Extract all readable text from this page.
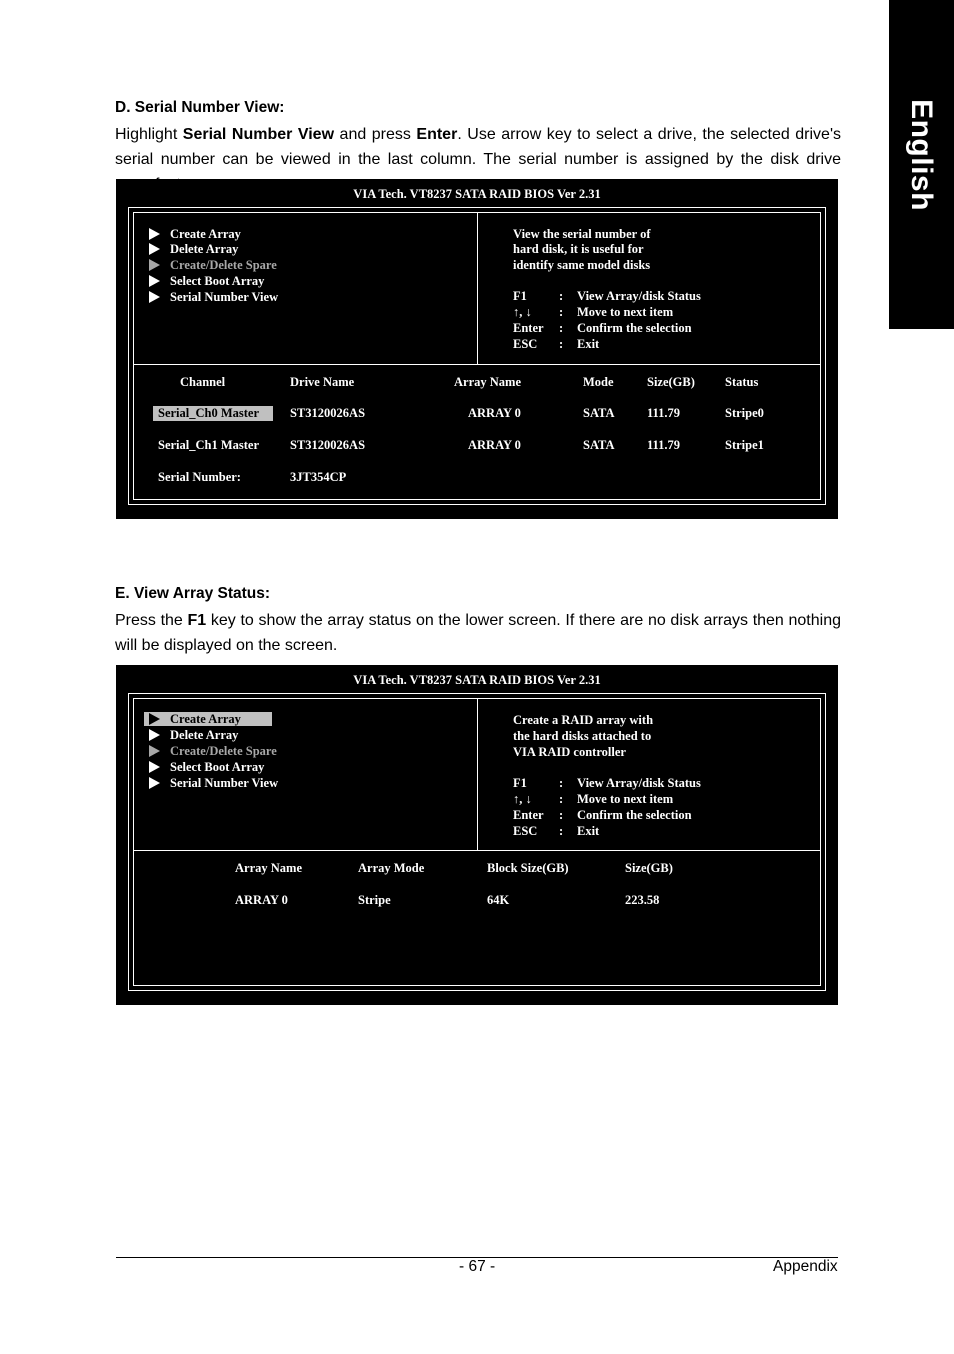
English
D. Serial Number View:
Highlight Serial Number View and press Enter. Use arrow key to select a drive, the selected drive's serial number can be viewed in the last column. The serial number is assigned by the disk drive
VIA Tech. VT8237 SATA RAID BIOS Ver 2.31
Create Array
Delete Array
Create/Delete Spare
Select Boot Array
Serial Number View
View the serial number of
hard disk, it is useful for
identify same model disks
F1	: View Array/disk Status
↑, ↓ : Move to next item
Enter : Confirm the selection
ESC : Exit
Channel	Drive Name	Array Name	Mode	Size(GB) Status
Serial_Ch0 Master	ST3120026AS	ARRAY 0	SATA	111.79	Stripe0
Serial_Ch1 Master ST3120026AS	ARRAY 0	SATA	111.79	Stripe1
Serial Number:	3JT354CP
E. View Array Status:
Press the F1 key to show the array status on the lower screen. If there are no disk arrays then nothing will be displayed on the screen.
VIA Tech. VT8237 SATA RAID BIOS Ver 2.31
Create Array
Delete Array
Create/Delete Spare
Select Boot Array
Serial Number View
Create a RAID array with
the hard disks attached to
VIA RAID controller
F1	: View Array/disk Status
↑, ↓ : Move to next item
Enter : Confirm the selection
ESC : Exit
Array Name	Array Mode	Block Size(GB)	Size(GB)
ARRAY 0	Stripe	64K	223.58
- 67 -	Appendix
